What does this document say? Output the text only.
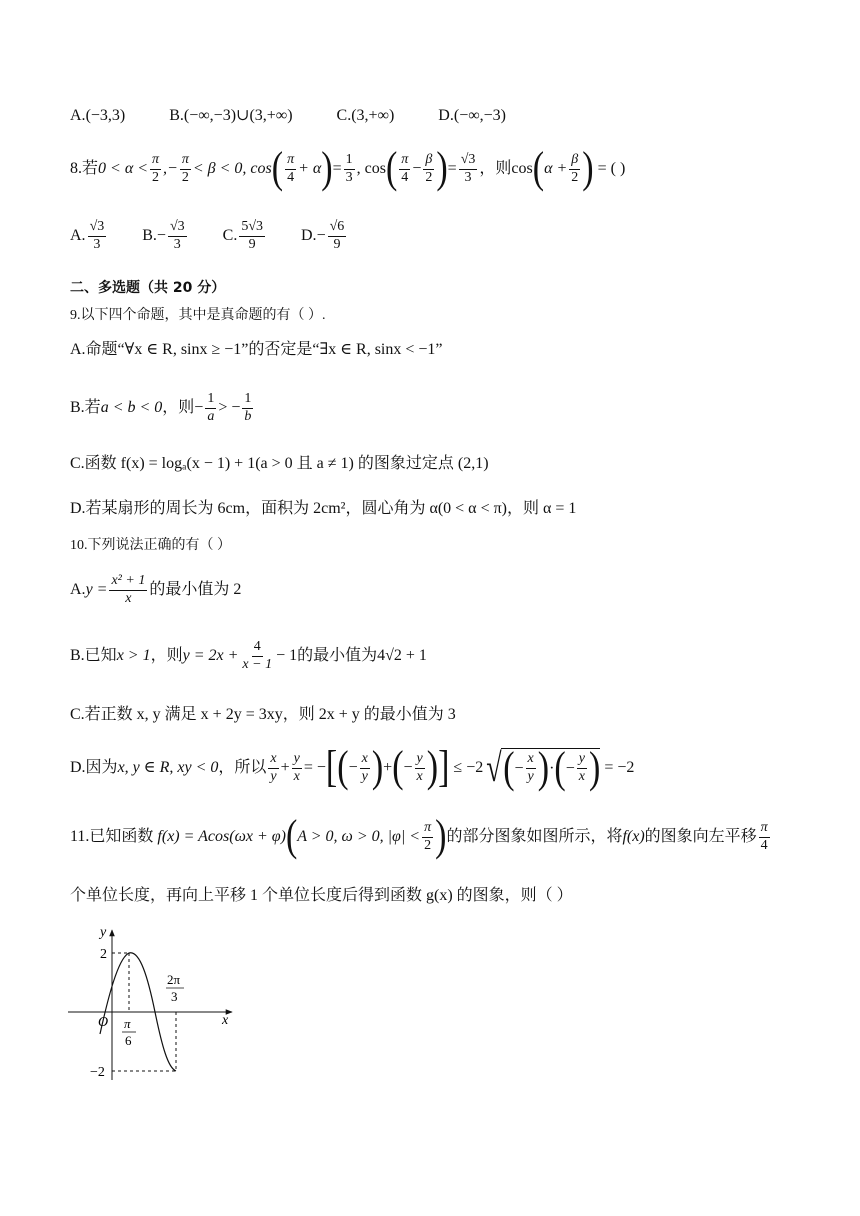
A. (−3,3)	B. (−∞,−3)∪(3,+∞)	C. (3,+∞)	D. (−∞,−3)
8.若 $0 < \alpha < \frac{\pi}{2}$ ,− $\frac{\pi}{2} < \beta < 0$, cos ( $\frac{\pi}{4} + \alpha$ ) = $\frac{1}{3}$ , cos ( $\frac{\pi}{4} - \frac{\beta}{2}$ ) = $\frac{√3}{3}$ ，则 cos ( $\alpha + \frac{\beta}{2}$ ) = ( )
A. $\frac{√3}{3} B$. − $\frac{√3}{3} C$. $\frac{5√3}{9} D$. − $\frac{√6}{9}$
二、多选题（共 20 分）
9.以下四个命题，其中是真命题的有（ ）.
A.命题“∀x ∈ R, sinx ≥ −1”的否定是“∃x ∈ R, sinx < −1”
B.若 a < b < 0 ，则 − $\frac{1}{a}$ > − $\frac{1}{b}$
C.函数 f(x) = logₐ(x − 1) + 1(a > 0 且 a ≠ 1) 的图象过定点 (2,1)
D.若某扇形的周长为 6cm，面积为 2cm²，圆心角为 α(0 < α < π)，则 α = 1
10.下列说法正确的有（ ）
A. $y = \frac{\text{x² + 1}}{x}$ 的最小值为 2
B.已知 x > 1 ，则 $y = 2x + \frac{4}{x - 1} - 1$ 的最小值为 4√2 + 1
C.若正数 x, y 满足 x + 2y = 3xy，则 2x + y 的最小值为 3
D.因为 x, y ∈ R, xy < 0 ，所以 $\frac{x}{y} + \frac{y}{x}$ = − [ ( − $\frac{x}{y}$ ) + ( − $\frac{y}{x}$ ) ] ≤ −2 √ ( − $\frac{x}{y}$ ) · ( − $\frac{y}{x}$ ) = −2
11.已知函数 f(x) = Acos(ωx + φ) ( A > 0, ω > 0, $|\varphi| < \frac{\pi}{2}$ ) 的部分图象如图所示，将 f(x) 的图象向左平移 $\frac{\pi}{4}$
个单位长度，再向上平移 1 个单位长度后得到函数 g(x) 的图象，则（ ）
y
x
O
2
−2
π
6
2π
3
